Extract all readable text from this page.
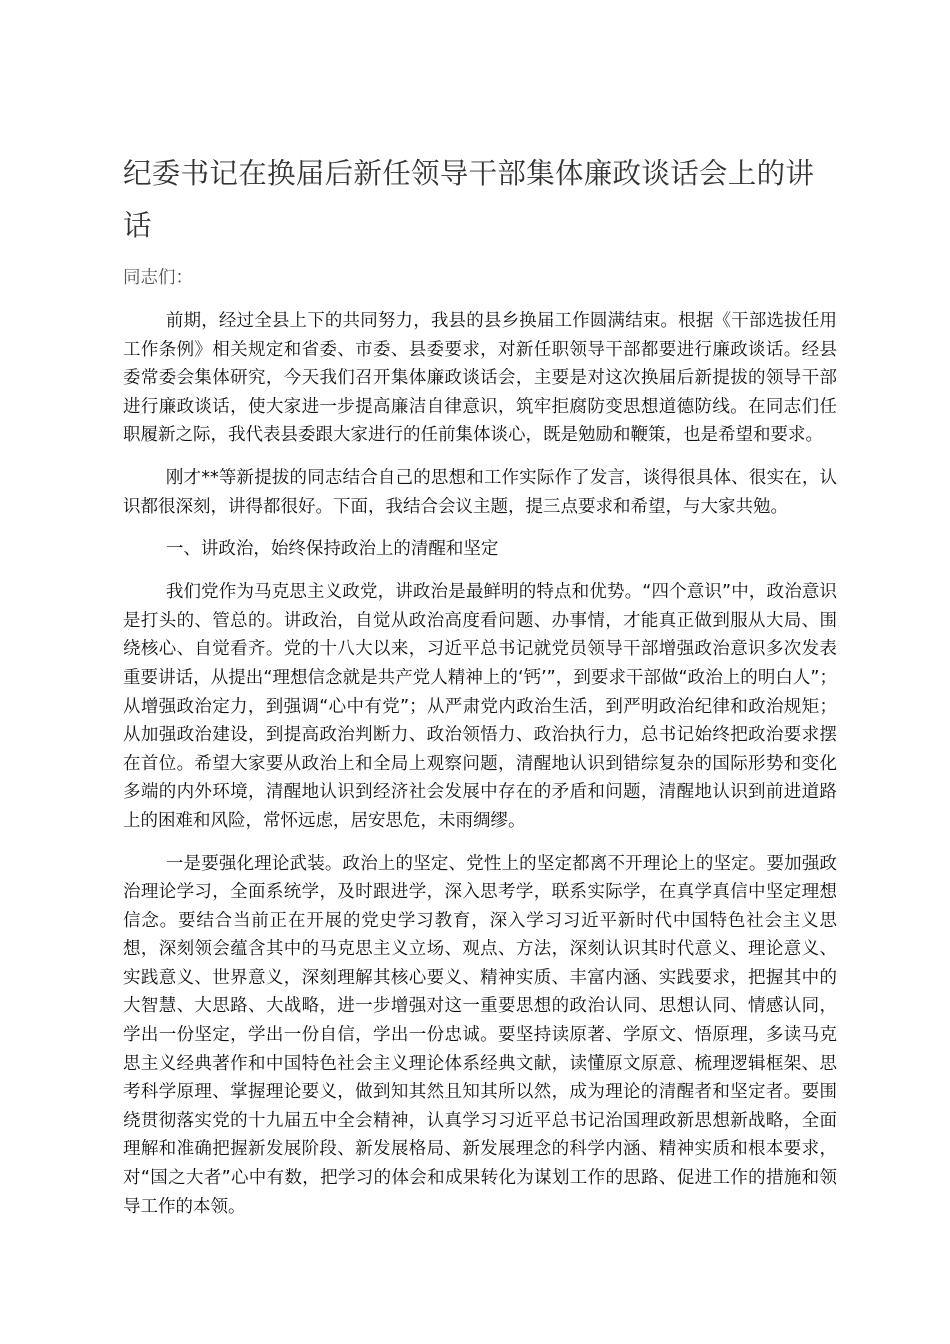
纪委书记在换届后新任领导干部集体廉政谈话会上的讲话

同志们：

前期，经过全县上下的共同努力，我县的县乡换届工作圆满结束。根据《干部选拔任用工作条例》相关规定和省委、市委、县委要求，对新任职领导干部都要进行廉政谈话。经县委常委会集体研究，今天我们召开集体廉政谈话会，主要是对这次换届后新提拔的领导干部进行廉政谈话，使大家进一步提高廉洁自律意识，筑牢拒腐防变思想道德防线。在同志们任职履新之际，我代表县委跟大家进行的任前集体谈心，既是勉励和鞭策，也是希望和要求。

刚才**等新提拔的同志结合自己的思想和工作实际作了发言，谈得很具体、很实在，认识都很深刻，讲得都很好。下面，我结合会议主题，提三点要求和希望，与大家共勉。

一、讲政治，始终保持政治上的清醒和坚定

我们党作为马克思主义政党，讲政治是最鲜明的特点和优势。“四个意识”中，政治意识是打头的、管总的。讲政治，自觉从政治高度看问题、办事情，才能真正做到服从大局、围绕核心、自觉看齐。党的十八大以来，习近平总书记就党员领导干部增强政治意识多次发表重要讲话，从提出“理想信念就是共产党人精神上的‘钙’”，到要求干部做“政治上的明白人”；从增强政治定力，到强调“心中有党”；从严肃党内政治生活，到严明政治纪律和政治规矩；从加强政治建设，到提高政治判断力、政治领悟力、政治执行力，总书记始终把政治要求摆在首位。希望大家要从政治上和全局上观察问题，清醒地认识到错综复杂的国际形势和变化多端的内外环境，清醒地认识到经济社会发展中存在的矛盾和问题，清醒地认识到前进道路上的困难和风险，常怀远虑，居安思危，未雨绸缪。

一是要强化理论武装。政治上的坚定、党性上的坚定都离不开理论上的坚定。要加强政治理论学习，全面系统学，及时跟进学，深入思考学，联系实际学，在真学真信中坚定理想信念。要结合当前正在开展的党史学习教育，深入学习习近平新时代中国特色社会主义思想，深刻领会蕴含其中的马克思主义立场、观点、方法，深刻认识其时代意义、理论意义、实践意义、世界意义，深刻理解其核心要义、精神实质、丰富内涵、实践要求，把握其中的大智慧、大思路、大战略，进一步增强对这一重要思想的政治认同、思想认同、情感认同，学出一份坚定，学出一份自信，学出一份忠诚。要坚持读原著、学原文、悟原理，多读马克思主义经典著作和中国特色社会主义理论体系经典文献，读懂原文原意、梳理逻辑框架、思考科学原理、掌握理论要义，做到知其然且知其所以然，成为理论的清醒者和坚定者。要围绕贯彻落实党的十九届五中全会精神，认真学习习近平总书记治国理政新思想新战略，全面理解和准确把握新发展阶段、新发展格局、新发展理念的科学内涵、精神实质和根本要求，对“国之大者”心中有数，把学习的体会和成果转化为谋划工作的思路、促进工作的措施和领导工作的本领。
